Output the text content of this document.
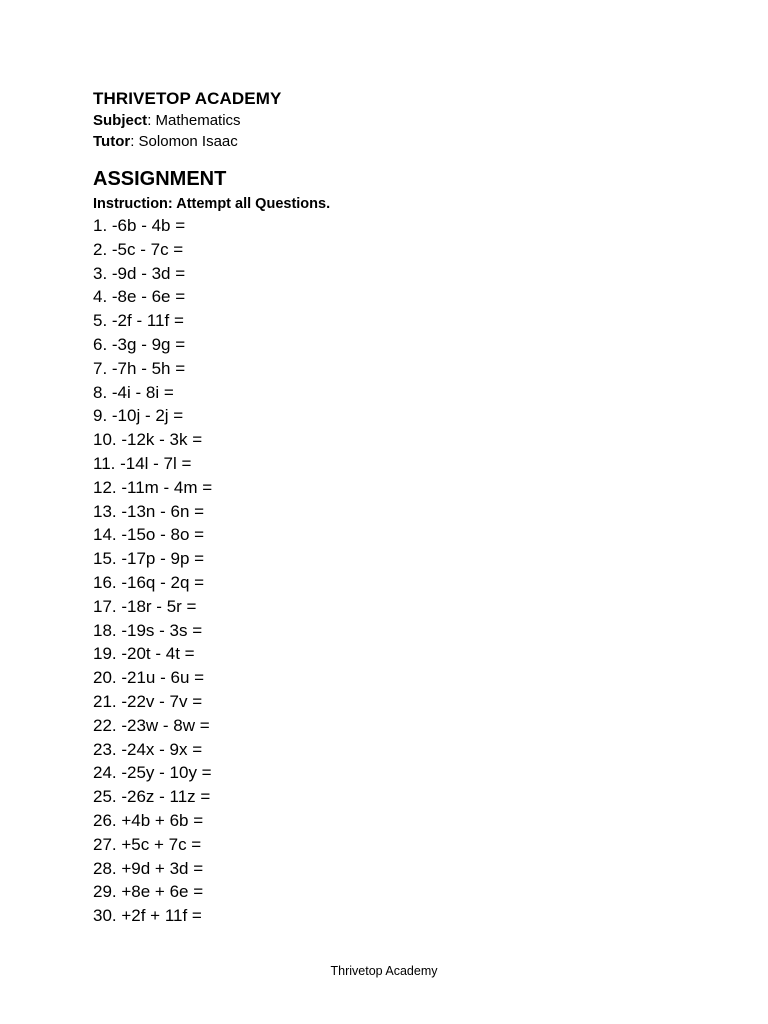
THRIVETOP ACADEMY

Subject: Mathematics

Tutor: Solomon Isaac

ASSIGNMENT

Instruction: Attempt all Questions.

1. -6b - 4b =
2. -5c - 7c =
3. -9d - 3d =
4. -8e - 6e =
5. -2f - 11f =
6. -3g - 9g =
7. -7h - 5h =
8. -4i - 8i =
9. -10j - 2j =
10. -12k - 3k =
11. -14l - 7l =
12. -11m - 4m =
13. -13n - 6n =
14. -15o - 8o =
15. -17p - 9p =
16. -16q - 2q =
17. -18r - 5r =
18. -19s - 3s =
19. -20t - 4t =
20. -21u - 6u =
21. -22v - 7v =
22. -23w - 8w =
23. -24x - 9x =
24. -25y - 10y =
25. -26z - 11z =
26. +4b + 6b =
27. +5c + 7c =
28. +9d + 3d =
29. +8e + 6e =
30. +2f + 11f =
Thrivetop Academy
